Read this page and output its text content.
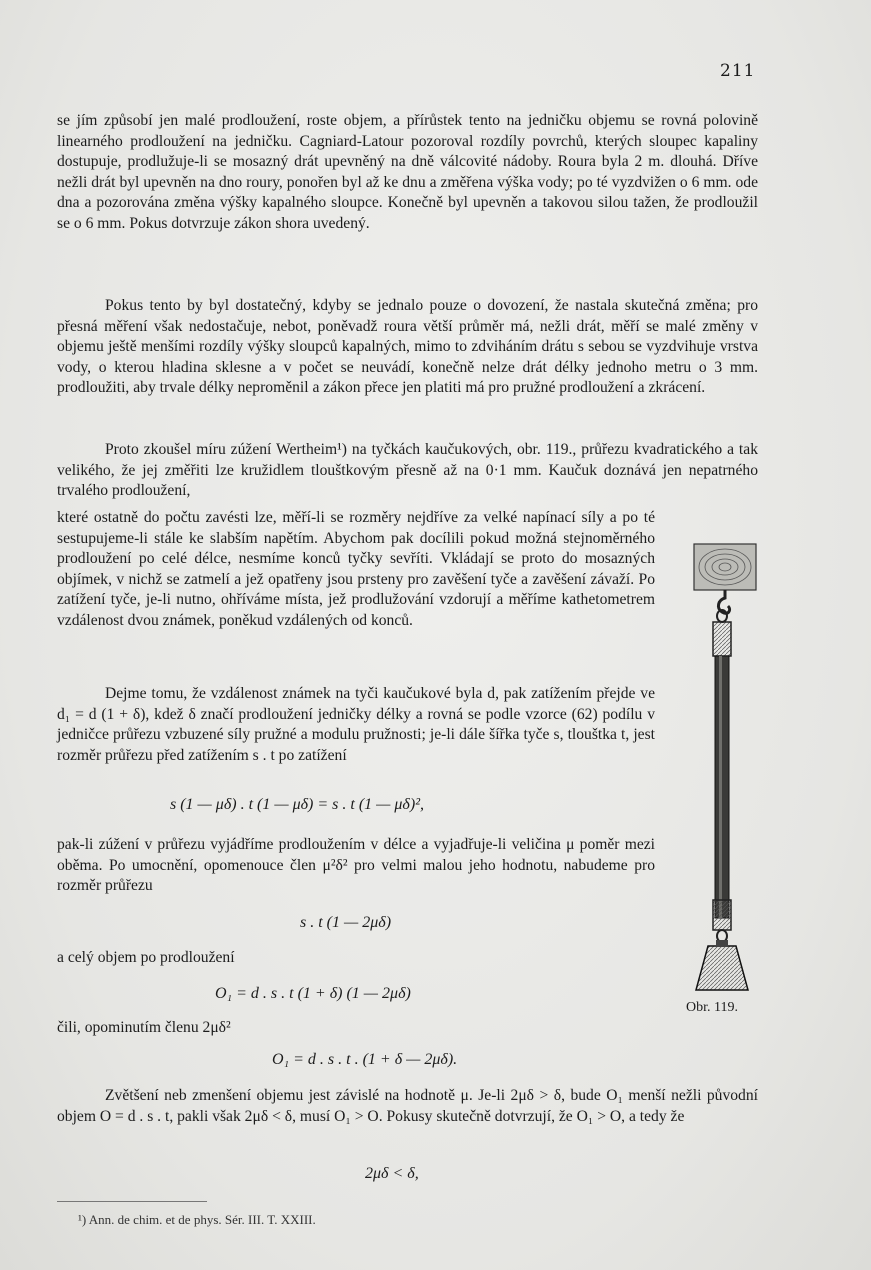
211

se jím způsobí jen malé prodloužení, roste objem, a přírůstek tento na jedničku objemu se rovná polovině linearného prodloužení na jedničku. Cagniard-Latour pozoroval rozdíly povrchů, kterých sloupec kapaliny dostupuje, prodlužuje-li se mosazný drát upevněný na dně válcovité nádoby. Roura byla 2 m. dlouhá. Dříve nežli drát byl upevněn na dno roury, ponořen byl až ke dnu a změřena výška vody; po té vyzdvižen o 6 mm. ode dna a pozorována změna výšky kapalného sloupce. Konečně byl upevněn a takovou silou tažen, že prodloužil se o 6 mm. Pokus dotvrzuje zákon shora uvedený.

Pokus tento by byl dostatečný, kdyby se jednalo pouze o dovození, že nastala skutečná změna; pro přesná měření však nedostačuje, nebot, poněvadž roura větší průměr má, nežli drát, měří se malé změny v objemu ještě menšími rozdíly výšky sloupců kapalných, mimo to zdviháním drátu s sebou se vyzdvihuje vrstva vody, o kterou hladina sklesne a v počet se neuvádí, konečně nelze drát délky jednoho metru o 3 mm. prodloužiti, aby trvale délky neproměnil a zákon přece jen platiti má pro pružné prodloužení a zkrácení.

Proto zkoušel míru zúžení Wertheim¹) na tyčkách kaučukových, obr. 119., průřezu kvadratického a tak velikého, že jej změřiti lze kružidlem tlouštkovým přesně až na 0·1 mm. Kaučuk doznává jen nepatrného trvalého prodloužení,

které ostatně do počtu zavésti lze, měří-li se rozměry nejdříve za velké napínací síly a po té sestupujeme-li stále ke slabším napětím. Abychom pak docílili pokud možná stejnoměrného prodloužení po celé délce, nesmíme konců tyčky sevříti. Vkládají se proto do mosazných objímek, v nichž se zatmelí a jež opatřeny jsou prsteny pro zavěšení tyče a zavěšení závaží. Po zatížení tyče, je-li nutno, ohříváme místa, jež prodlužování vzdorují a měříme kathetometrem vzdálenost dvou známek, poněkud vzdálených od konců.

Dejme tomu, že vzdálenost známek na tyči kaučukové byla d, pak zatížením přejde ve d₁ = d (1 + δ), kdež δ značí prodloužení jedničky délky a rovná se podle vzorce (62) podílu v jedničce průřezu vzbuzené síly pružné a modulu pružnosti; je-li dále šířka tyče s, tlouštka t, jest rozměr průřezu před zatížením s . t po zatížení

s (1 — μδ) . t (1 — μδ) = s . t (1 — μδ)²,

pak-li zúžení v průřezu vyjádříme prodloužením v délce a vyjadřuje-li veličina μ poměr mezi oběma. Po umocnění, opomenouce člen μ²δ² pro velmi malou jeho hodnotu, nabudeme pro rozměr průřezu

s . t (1 — 2μδ)
a celý objem po prodloužení
O₁ = d . s . t (1 + δ) (1 — 2μδ)
čili, opominutím členu 2μδ²
O₁ = d . s . t . (1 + δ — 2μδ).

Zvětšení neb zmenšení objemu jest závislé na hodnotě μ. Je-li 2μδ > δ, bude O₁ menší nežli původní objem O = d . s . t, pakli však 2μδ < δ, musí O₁ > O. Pokusy skutečně dotvrzují, že O₁ > O, a tedy že

2μδ < δ,
¹) Ann. de chim. et de phys. Sér. III. T. XXIII.
Obr. 119.
